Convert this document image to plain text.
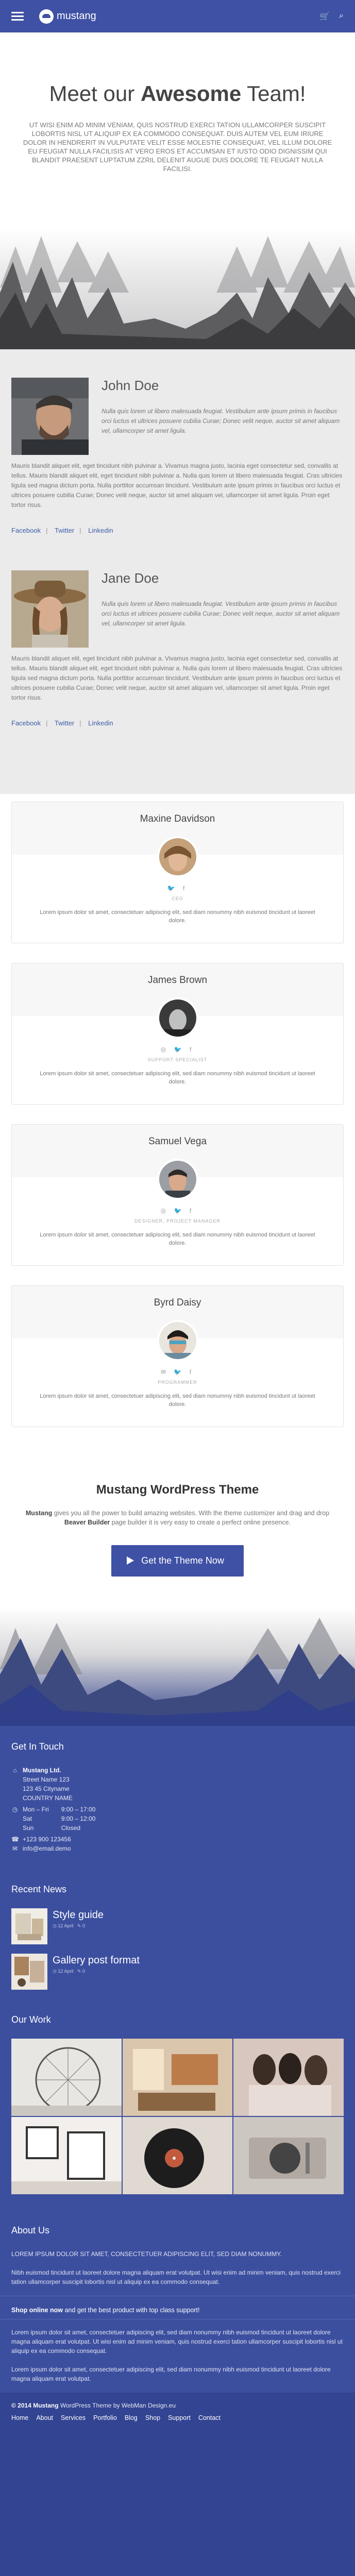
mustang	🛒 ⌕
Meet our Awesome Team!

UT WISI ENIM AD MINIM VENIAM, QUIS NOSTRUD EXERCI TATION ULLAMCORPER SUSCIPIT LOBORTIS NISL UT ALIQUIP EX EA COMMODO CONSEQUAT. DUIS AUTEM VEL EUM IRIURE DOLOR IN HENDRERIT IN VULPUTATE VELIT ESSE MOLESTIE CONSEQUAT, VEL ILLUM DOLORE EU FEUGIAT NULLA FACILISIS AT VERO EROS ET ACCUMSAN ET IUSTO ODIO DIGNISSIM QUI BLANDIT PRAESENT LUPTATUM ZZRIL DELENIT AUGUE DUIS DOLORE TE FEUGAIT NULLA FACILISI.

John Doe

Nulla quis lorem ut libero malesuada feugiat. Vestibulum ante ipsum primis in faucibus orci luctus et ultrices posuere cubilia Curae; Donec velit neque, auctor sit amet aliquam vel, ullamcorper sit amet ligula.

Mauris blandit aliquet elit, eget tincidunt nibh pulvinar a. Vivamus magna justo, lacinia eget consectetur sed, convallis at tellus. Mauris blandit aliquet elit, eget tincidunt nibh pulvinar a. Nulla quis lorem ut libero malesuada feugiat. Cras ultricies ligula sed magna dictum porta. Nulla porttitor accumsan tincidunt. Vestibulum ante ipsum primis in faucibus orci luctus et ultrices posuere cubilia Curae; Donec velit neque, auctor sit amet aliquam vel, ullamcorper sit amet ligula. Proin eget tortor risus.

Facebook | Twitter | Linkedin
Jane Doe

Nulla quis lorem ut libero malesuada feugiat. Vestibulum ante ipsum primis in faucibus orci luctus et ultrices posuere cubilia Curae; Donec velit neque, auctor sit amet aliquam vel, ullamcorper sit amet ligula.

Mauris blandit aliquet elit, eget tincidunt nibh pulvinar a. Vivamus magna justo, lacinia eget consectetur sed, convallis at tellus. Mauris blandit aliquet elit, eget tincidunt nibh pulvinar a. Nulla quis lorem ut libero malesuada feugiat. Cras ultricies ligula sed magna dictum porta. Nulla porttitor accumsan tincidunt. Vestibulum ante ipsum primis in faucibus orci luctus et ultrices posuere cubilia Curae; Donec velit neque, auctor sit amet aliquam vel, ullamcorper sit amet ligula. Proin eget tortor risus.

Facebook | Twitter | Linkedin
Maxine Davidson
🐦 f
CEO
Lorem ipsum dolor sit amet, consectetuer adipiscing elit, sed diam nonummy nibh euismod tincidunt ut laoreet dolore.
James Brown
◎ 🐦 f
SUPPORT SPECIALIST
Lorem ipsum dolor sit amet, consectetuer adipiscing elit, sed diam nonummy nibh euismod tincidunt ut laoreet dolore.
Samuel Vega
◎ 🐦 f
DESIGNER, PROJECT MANAGER
Lorem ipsum dolor sit amet, consectetuer adipiscing elit, sed diam nonummy nibh euismod tincidunt ut laoreet dolore.
Byrd Daisy
✉ 🐦 f
PROGRAMMER
Lorem ipsum dolor sit amet, consectetuer adipiscing elit, sed diam nonummy nibh euismod tincidunt ut laoreet dolore.
Mustang WordPress Theme

Mustang gives you all the power to build amazing websites. With the theme customizer and drag and drop Beaver Builder page builder it is very easy to create a perfect online presence.

Get the Theme Now
Get In Touch
⌂ Mustang Ltd.
Street Name 123
123 45 Cityname
COUNTRY NAME
◷ Mon – Fri	9:00 – 17:00
Sat	9:00 – 12:00
Sun	Closed
☎ +123 900 123456
✉ info@email.demo
Recent News
Style guide
◷ 12 April   ✎ 0
Gallery post format
◷ 12 April   ✎ 0
Our Work
About Us

LOREM IPSUM DOLOR SIT AMET, CONSECTETUER ADIPISCING ELIT, SED DIAM NONUMMY.

Nibh euismod tincidunt ut laoreet dolore magna aliquam erat volutpat. Ut wisi enim ad minim veniam, quis nostrud exerci tation ullamcorper suscipit lobortis nisl ut aliquip ex ea commodo consequat.

Shop online now and get the best product with top class support!

Lorem ipsum dolor sit amet, consectetuer adipiscing elit, sed diam nonummy nibh euismod tincidunt ut laoreet dolore magna aliquam erat volutpat. Ut wisi enim ad minim veniam, quis nostrud exerci tation ullamcorper suscipit lobortis nisl ut aliquip ex ea commodo consequat.

Lorem ipsum dolor sit amet, consectetuer adipiscing elit, sed diam nonummy nibh euismod tincidunt ut laoreet dolore magna aliquam erat volutpat.

© 2014 Mustang WordPress Theme by WebMan Design.eu
Home About Services Portfolio Blog Shop Support Contact
